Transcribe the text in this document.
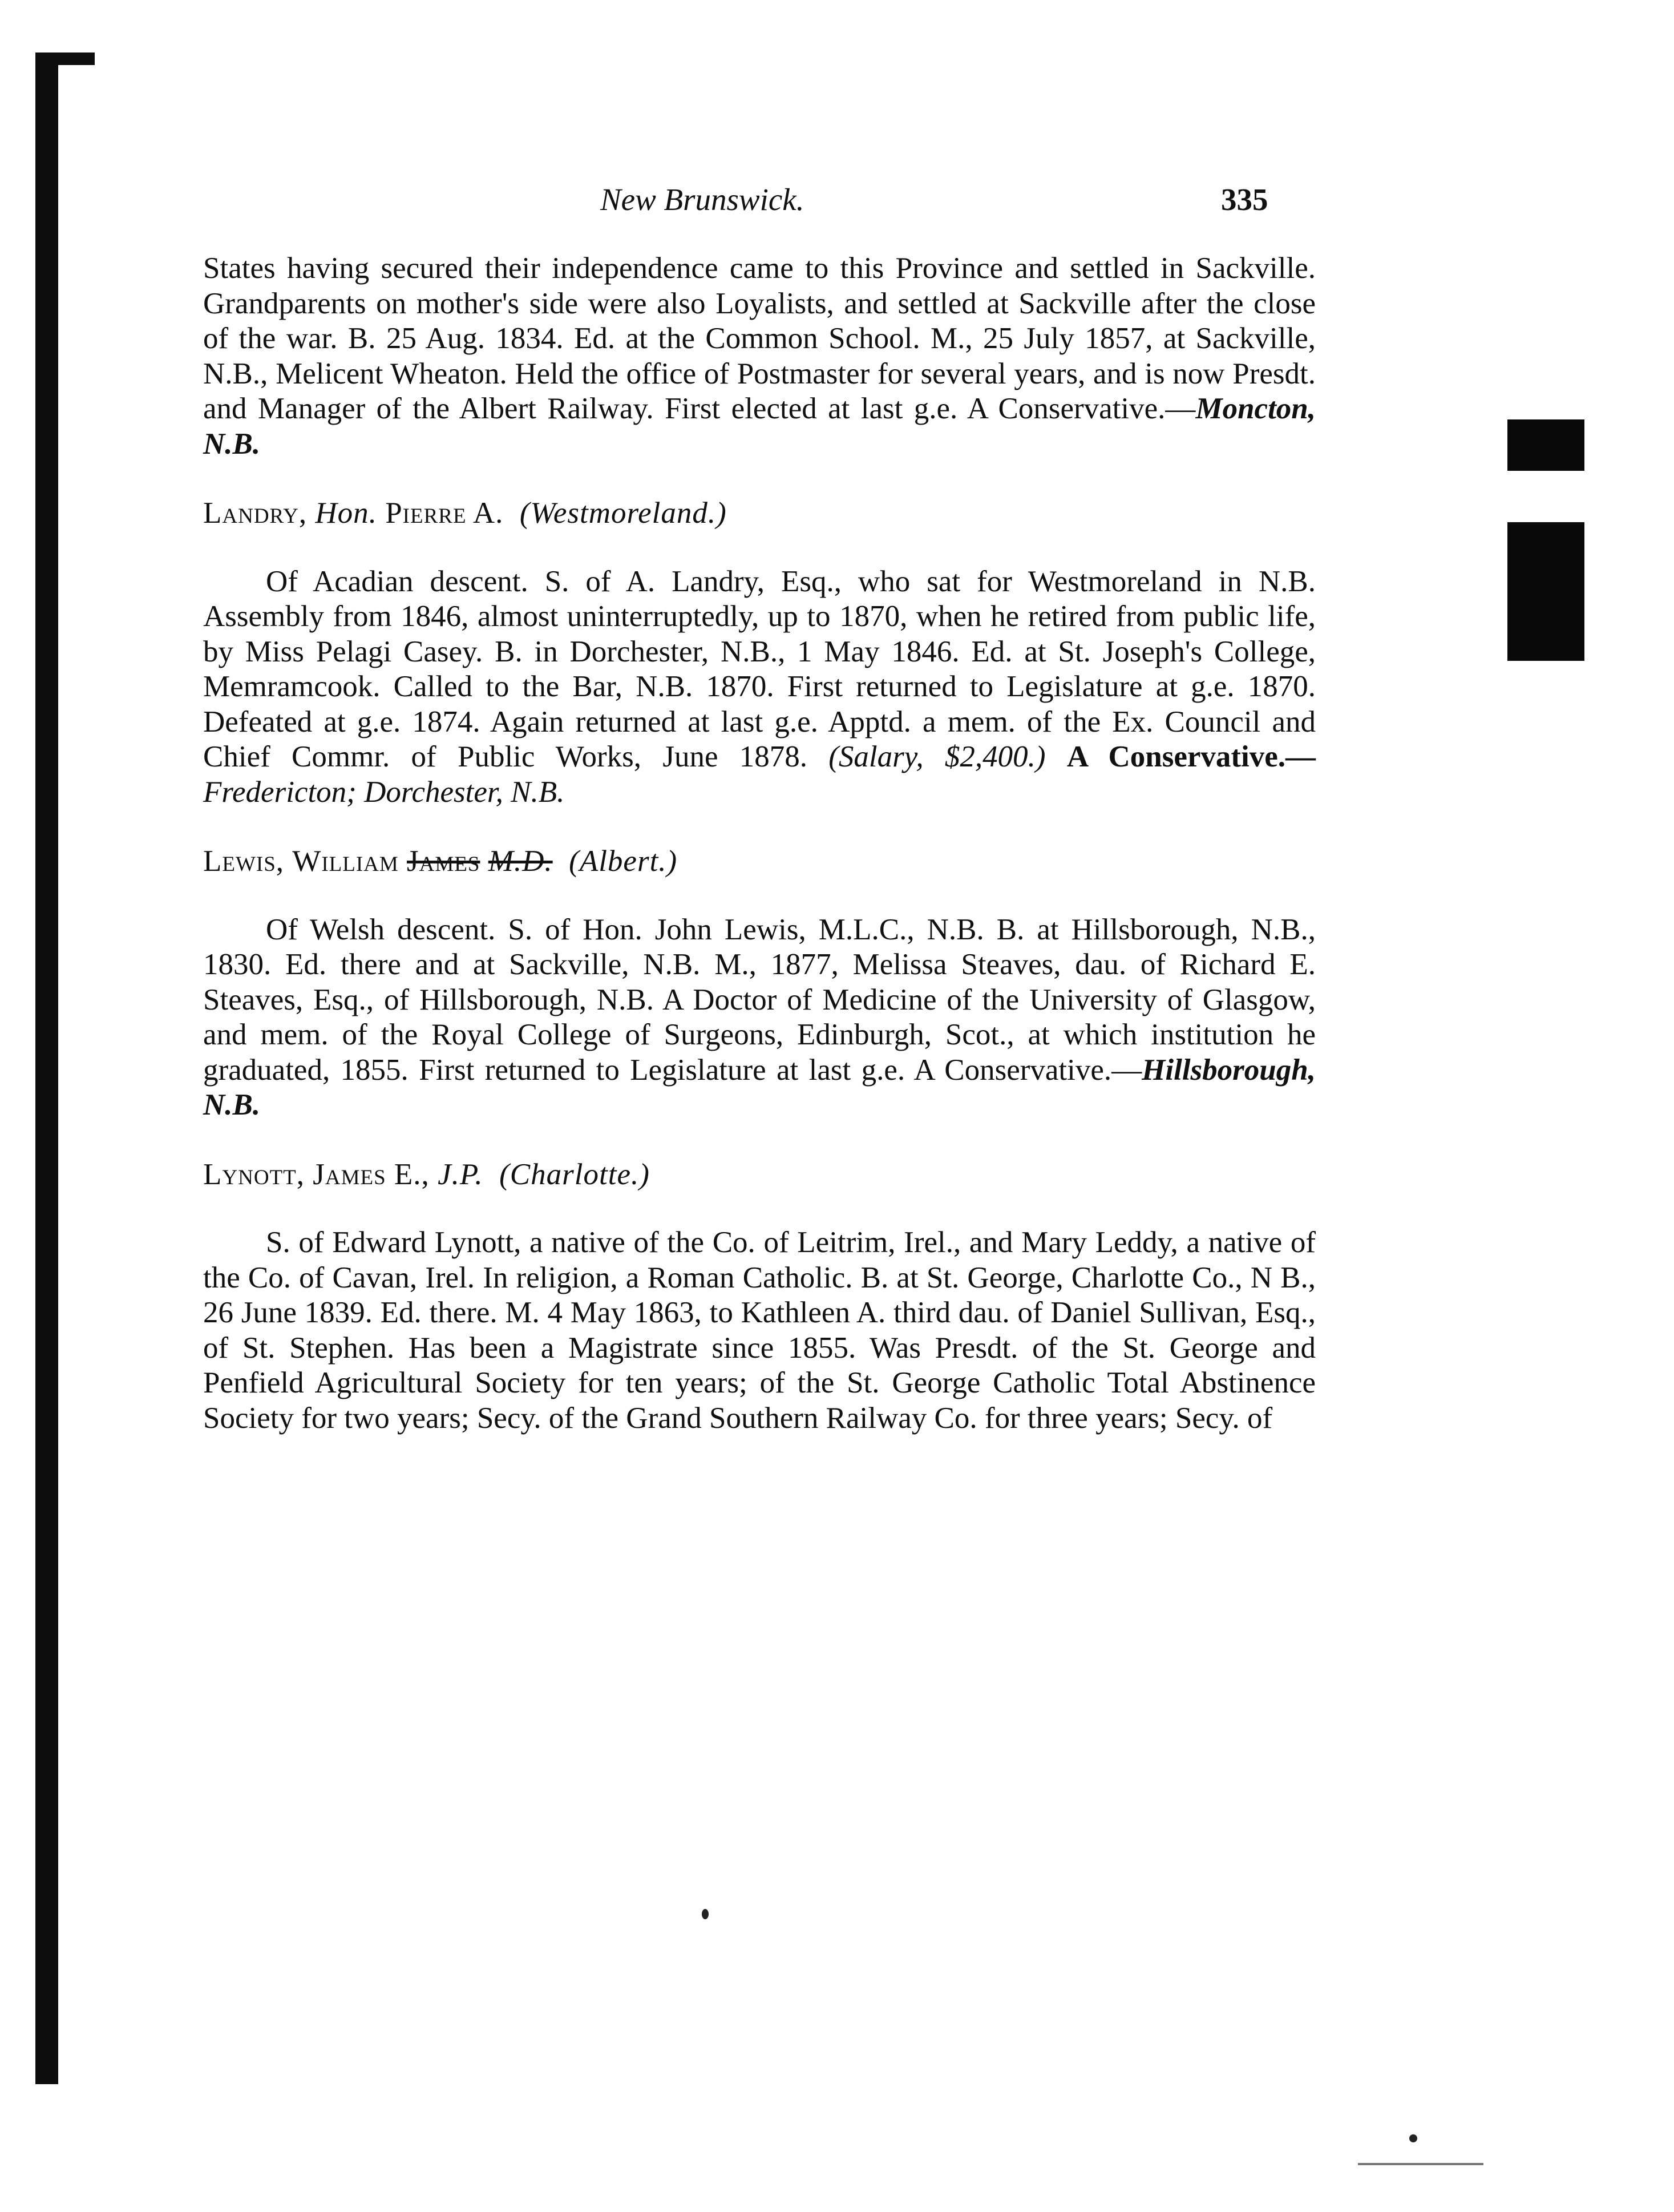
New Brunswick.	335

States having secured their independence came to this Province and settled in Sackville. Grandparents on mother's side were also Loyalists, and settled at Sackville after the close of the war. B. 25 Aug. 1834. Ed. at the Common School. M., 25 July 1857, at Sackville, N.B., Melicent Wheaton. Held the office of Postmaster for several years, and is now Presdt. and Manager of the Albert Railway. First elected at last g.e. A Conservative.—Moncton, N.B.

Landry, Hon. Pierre A. (Westmoreland.)

Of Acadian descent. S. of A. Landry, Esq., who sat for Westmoreland in N.B. Assembly from 1846, almost uninterruptedly, up to 1870, when he retired from public life, by Miss Pelagi Casey. B. in Dorchester, N.B., 1 May 1846. Ed. at St. Joseph's College, Memramcook. Called to the Bar, N.B. 1870. First returned to Legislature at g.e. 1870. Defeated at g.e. 1874. Again returned at last g.e. Apptd. a mem. of the Ex. Council and Chief Commr. of Public Works, June 1878. (Salary, $2,400.) A Conservative.—Fredericton; Dorchester, N.B.

Lewis, William James M.D. (Albert.)

Of Welsh descent. S. of Hon. John Lewis, M.L.C., N.B. B. at Hillsborough, N.B., 1830. Ed. there and at Sackville, N.B. M., 1877, Melissa Steaves, dau. of Richard E. Steaves, Esq., of Hillsborough, N.B. A Doctor of Medicine of the University of Glasgow, and mem. of the Royal College of Surgeons, Edinburgh, Scot., at which institution he graduated, 1855. First returned to Legislature at last g.e. A Conservative.—Hillsborough, N.B.

Lynott, James E., J.P. (Charlotte.)

S. of Edward Lynott, a native of the Co. of Leitrim, Irel., and Mary Leddy, a native of the Co. of Cavan, Irel. In religion, a Roman Catholic. B. at St. George, Charlotte Co., N B., 26 June 1839. Ed. there. M. 4 May 1863, to Kathleen A. third dau. of Daniel Sullivan, Esq., of St. Stephen. Has been a Magistrate since 1855. Was Presdt. of the St. George and Penfield Agricultural Society for ten years; of the St. George Catholic Total Abstinence Society for two years; Secy. of the Grand Southern Railway Co. for three years; Secy. of
